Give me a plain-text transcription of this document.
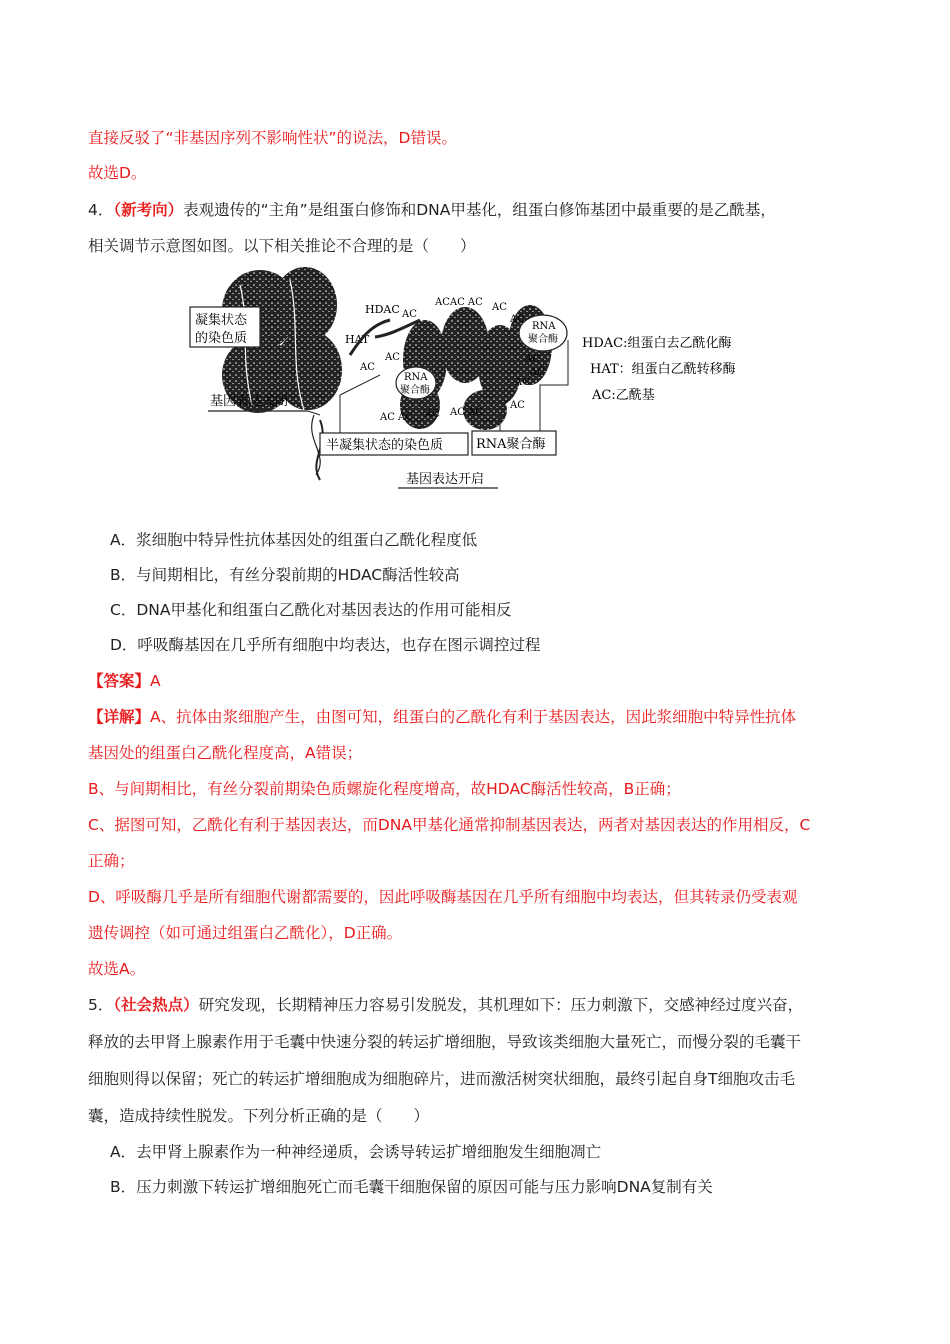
直接反驳了“非基因序列不影响性状”的说法，D错误。
故选D。
4．（新考向）表观遗传的“主角”是组蛋白修饰和DNA甲基化，组蛋白修饰基团中最重要的是乙酰基，
相关调节示意图如图。以下相关推论不合理的是（　　）
凝集状态
的染色质
HDAC
HAT
RNA
聚合酶
RNA
聚合酶
ACAC AC
AC
AC
AC
AC
AC
AC
AC
AC
AC AC AC AC AC
AC
基因表达关闭
半凝集状态的染色质	RNA聚合酶
基因表达开启
HDAC:组蛋白去乙酰化酶
HAT：组蛋白乙酰转移酶
AC:乙酰基
A．浆细胞中特异性抗体基因处的组蛋白乙酰化程度低
B．与间期相比，有丝分裂前期的HDAC酶活性较高
C．DNA甲基化和组蛋白乙酰化对基因表达的作用可能相反
D．呼吸酶基因在几乎所有细胞中均表达，也存在图示调控过程
【答案】A
【详解】A、抗体由浆细胞产生，由图可知，组蛋白的乙酰化有利于基因表达，因此浆细胞中特异性抗体
基因处的组蛋白乙酰化程度高，A错误；
B、与间期相比，有丝分裂前期染色质螺旋化程度增高，故HDAC酶活性较高，B正确；
C、据图可知，乙酰化有利于基因表达，而DNA甲基化通常抑制基因表达，两者对基因表达的作用相反，C
正确；
D、呼吸酶几乎是所有细胞代谢都需要的，因此呼吸酶基因在几乎所有细胞中均表达，但其转录仍受表观
遗传调控（如可通过组蛋白乙酰化），D正确。
故选A。
5．（社会热点）研究发现，长期精神压力容易引发脱发，其机理如下：压力刺激下，交感神经过度兴奋，
释放的去甲肾上腺素作用于毛囊中快速分裂的转运扩增细胞，导致该类细胞大量死亡，而慢分裂的毛囊干
细胞则得以保留；死亡的转运扩增细胞成为细胞碎片，进而激活树突状细胞，最终引起自身T细胞攻击毛
囊，造成持续性脱发。下列分析正确的是（　　）
A．去甲肾上腺素作为一种神经递质，会诱导转运扩增细胞发生细胞凋亡
B．压力刺激下转运扩增细胞死亡而毛囊干细胞保留的原因可能与压力影响DNA复制有关
